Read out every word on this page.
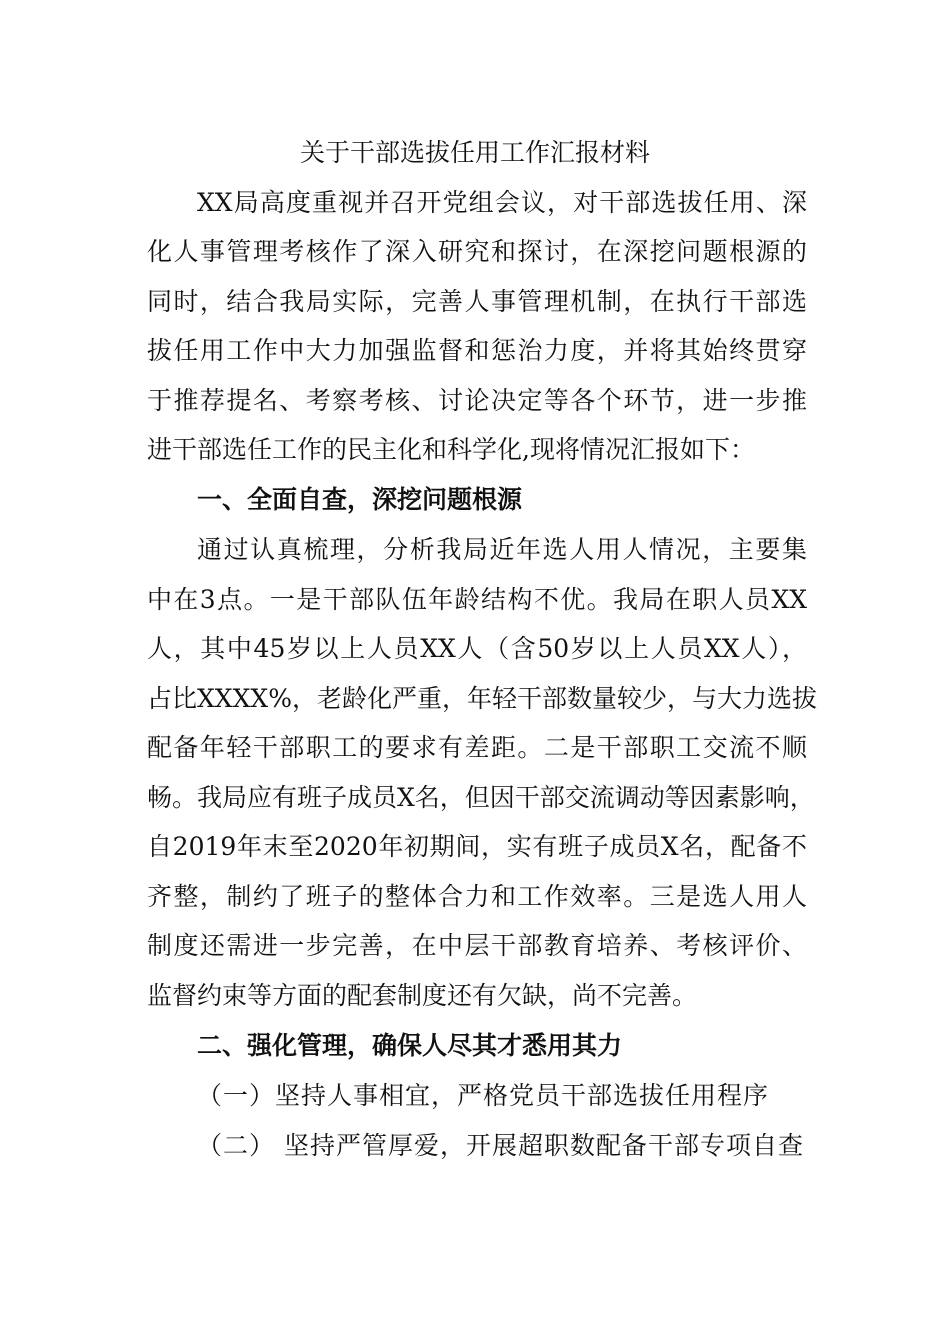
关于干部选拔任用工作汇报材料
XX局高度重视并召开党组会议，对干部选拔任用、深
化人事管理考核作了深入研究和探讨，在深挖问题根源的
同时，结合我局实际，完善人事管理机制，在执行干部选
拔任用工作中大力加强监督和惩治力度，并将其始终贯穿
于推荐提名、考察考核、讨论决定等各个环节，进一步推
进干部选任工作的民主化和科学化,现将情况汇报如下：
一、全面自查，深挖问题根源
通过认真梳理，分析我局近年选人用人情况，主要集
中在3点。一是干部队伍年龄结构不优。我局在职人员XX
人，其中45岁以上人员XX人（含50岁以上人员XX人），
占比XXXX%，老龄化严重，年轻干部数量较少，与大力选拔
配备年轻干部职工的要求有差距。二是干部职工交流不顺
畅。我局应有班子成员X名，但因干部交流调动等因素影响，
自2019年末至2020年初期间，实有班子成员X名，配备不
齐整，制约了班子的整体合力和工作效率。三是选人用人
制度还需进一步完善，在中层干部教育培养、考核评价、
监督约束等方面的配套制度还有欠缺，尚不完善。
二、强化管理，确保人尽其才悉用其力
（一）坚持人事相宜，严格党员干部选拔任用程序
（二） 坚持严管厚爱，开展超职数配备干部专项自查
